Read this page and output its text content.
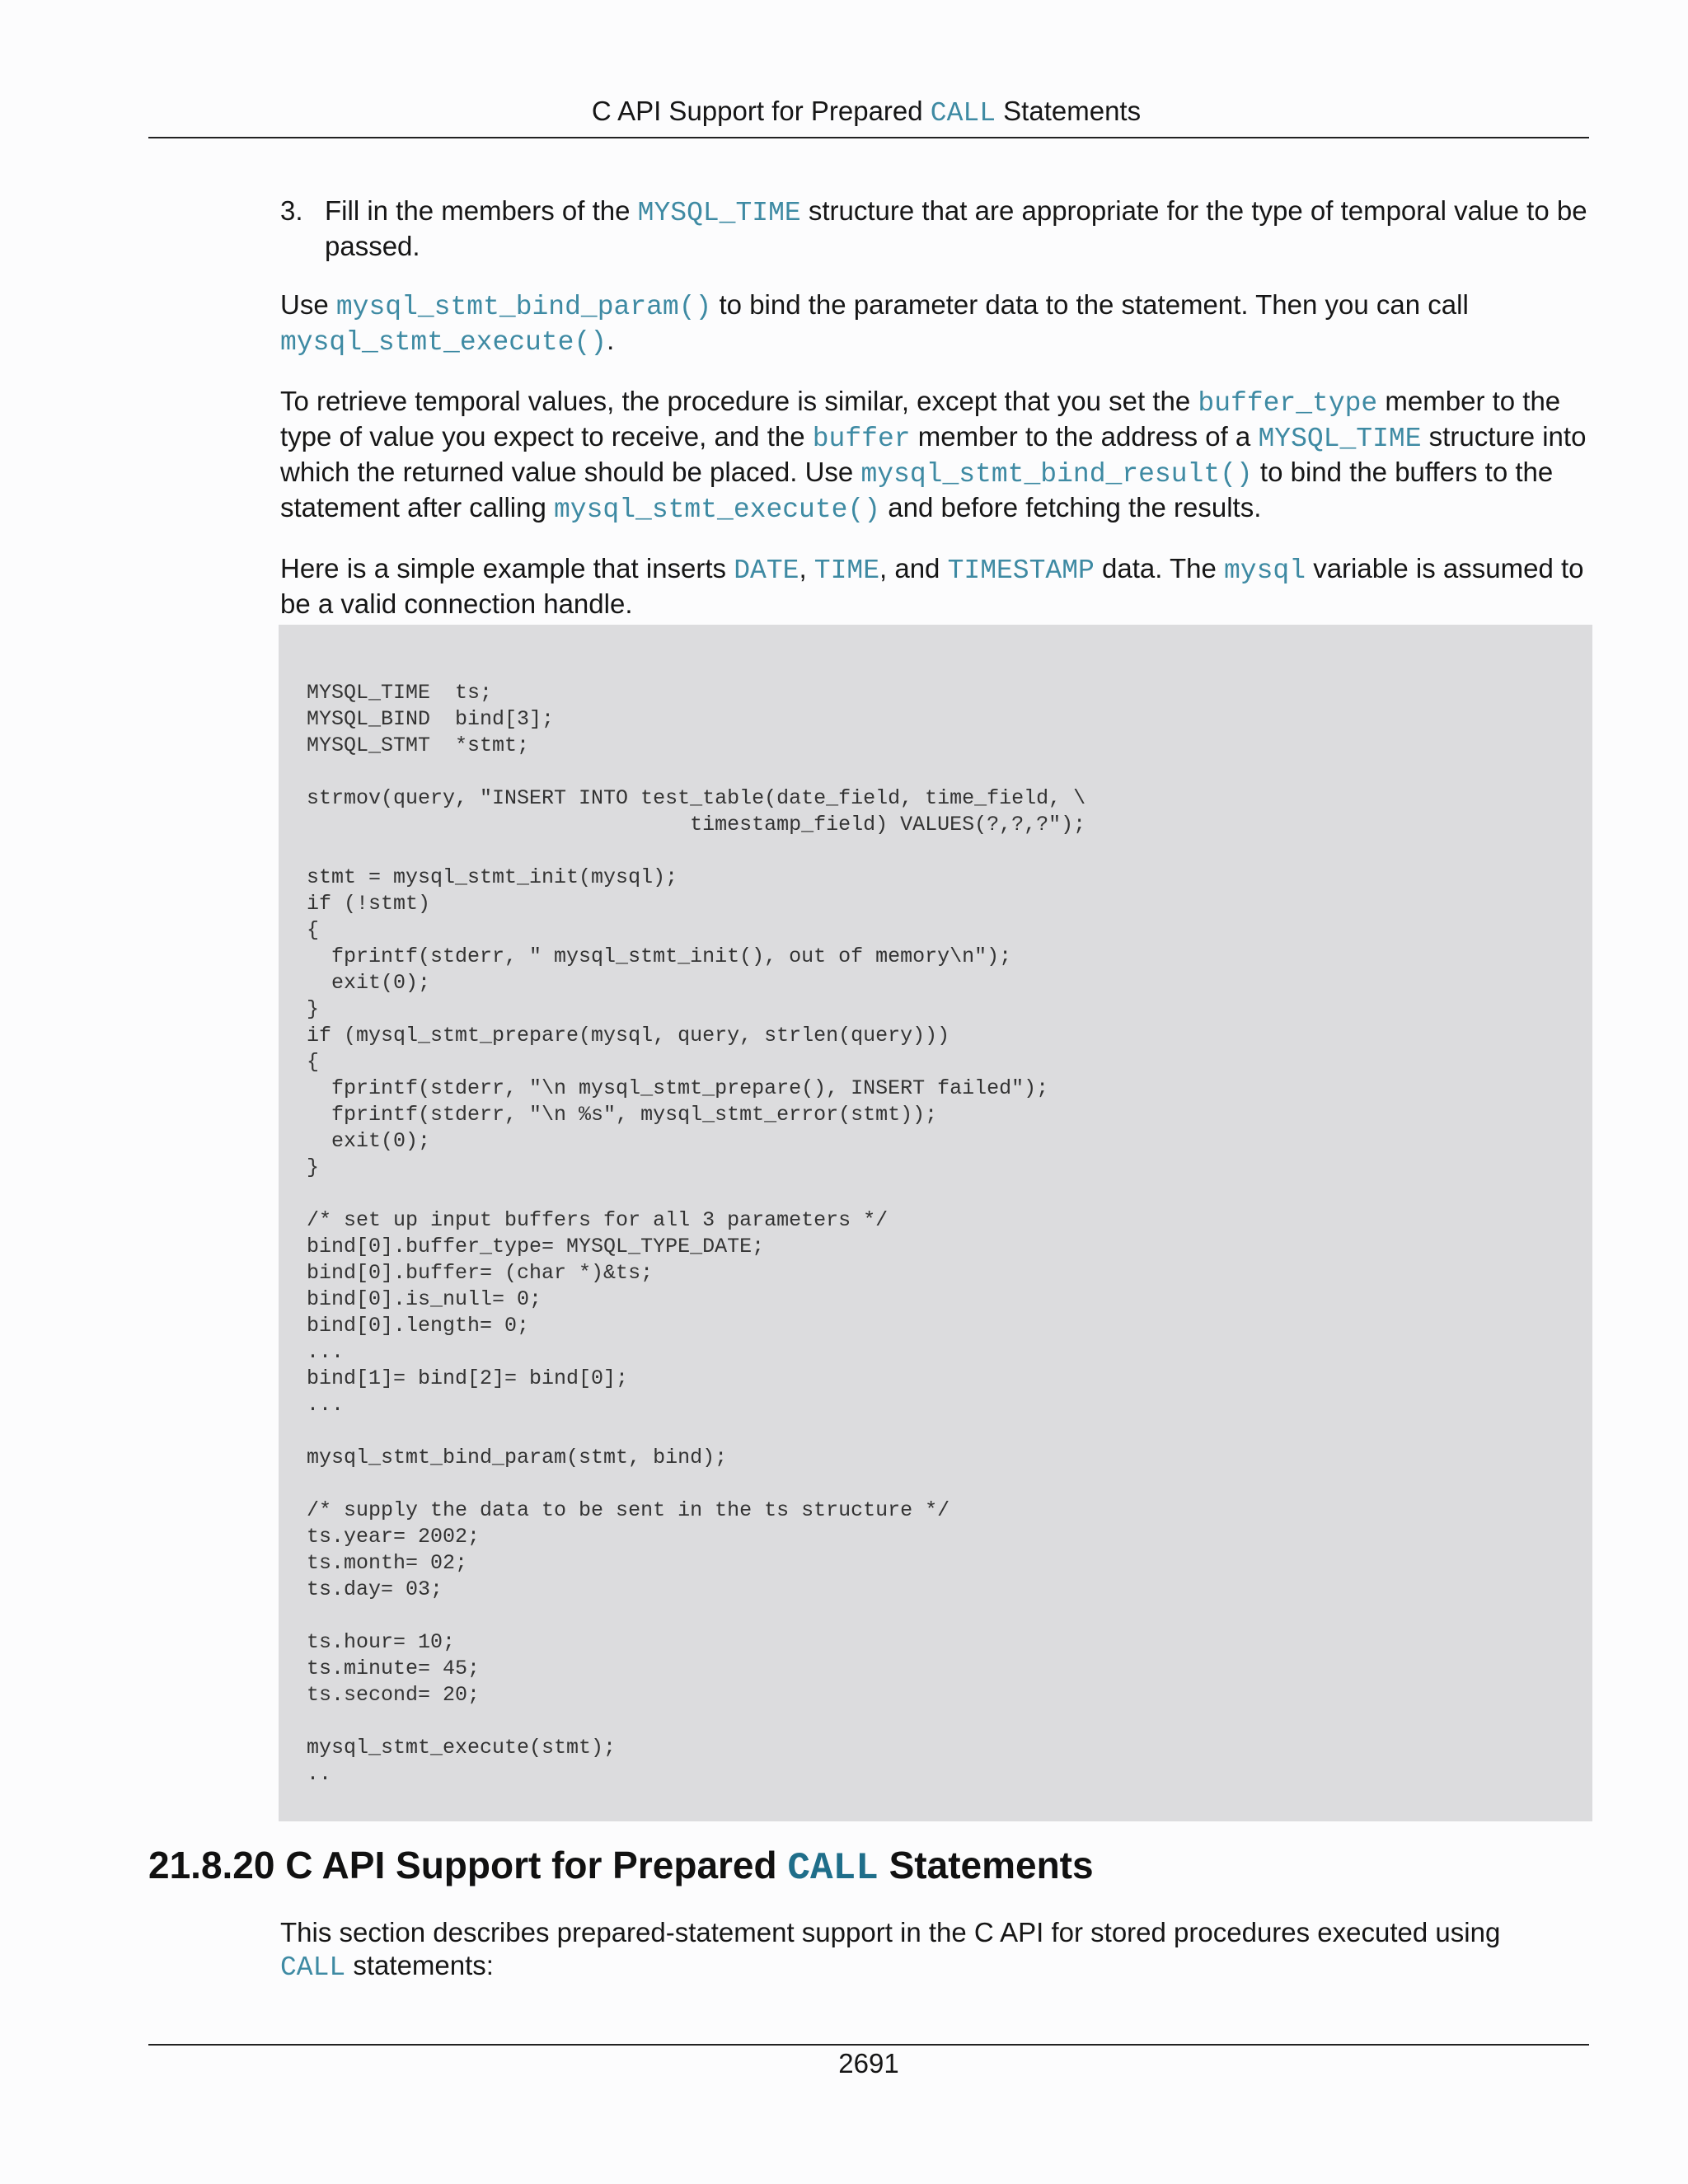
C API Support for Prepared CALL Statements
3. Fill in the members of the MYSQL_TIME structure that are appropriate for the type of temporal value to be passed.

Use mysql_stmt_bind_param() to bind the parameter data to the statement. Then you can call mysql_stmt_execute().

To retrieve temporal values, the procedure is similar, except that you set the buffer_type member to the type of value you expect to receive, and the buffer member to the address of a MYSQL_TIME structure into which the returned value should be placed. Use mysql_stmt_bind_result() to bind the buffers to the statement after calling mysql_stmt_execute() and before fetching the results.

Here is a simple example that inserts DATE, TIME, and TIMESTAMP data. The mysql variable is assumed to be a valid connection handle.

MYSQL_TIME  ts;
MYSQL_BIND  bind[3];
MYSQL_STMT  *stmt;

strmov(query, "INSERT INTO test_table(date_field, time_field, \
timestamp_field) VALUES(?,?,?");

stmt = mysql_stmt_init(mysql);
if (!stmt)
{
fprintf(stderr, " mysql_stmt_init(), out of memory\n");
exit(0);
}
if (mysql_stmt_prepare(mysql, query, strlen(query)))
{
fprintf(stderr, "\n mysql_stmt_prepare(), INSERT failed");
fprintf(stderr, "\n %s", mysql_stmt_error(stmt));
exit(0);
}

/* set up input buffers for all 3 parameters */
bind[0].buffer_type= MYSQL_TYPE_DATE;
bind[0].buffer= (char *)&ts;
bind[0].is_null= 0;
bind[0].length= 0;
...
bind[1]= bind[2]= bind[0];
...

mysql_stmt_bind_param(stmt, bind);

/* supply the data to be sent in the ts structure */
ts.year= 2002;
ts.month= 02;
ts.day= 03;

ts.hour= 10;
ts.minute= 45;
ts.second= 20;

mysql_stmt_execute(stmt);
..
21.8.20 C API Support for Prepared CALL Statements
This section describes prepared-statement support in the C API for stored procedures executed using CALL statements:
2691
